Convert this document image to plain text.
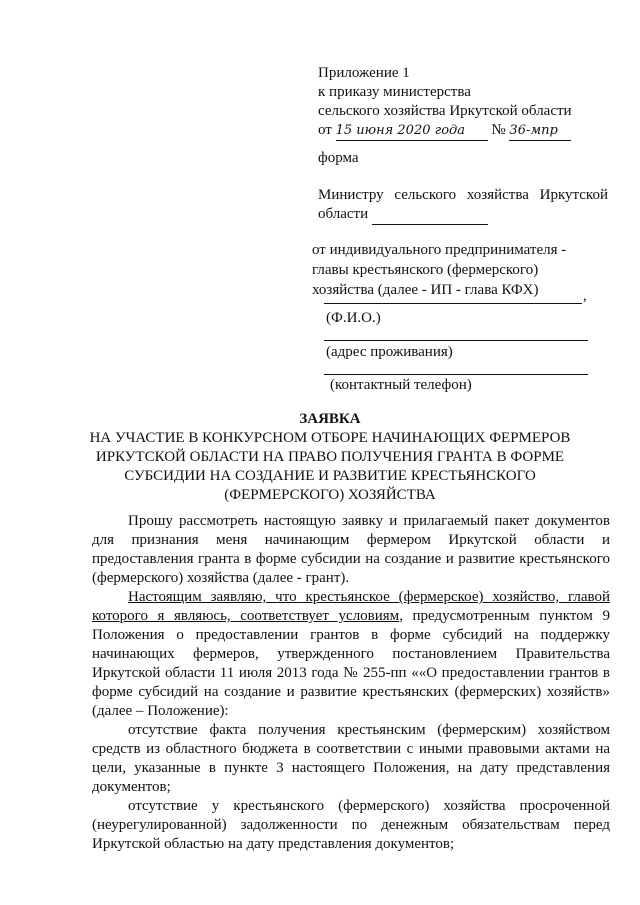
Приложение 1
к приказу министерства
сельского хозяйства Иркутской области
от 15 июня 2020 года № 36-мпр
форма
Министру сельского хозяйства Иркутской
области
от индивидуального предпринимателя -
главы крестьянского (фермерского)
хозяйства (далее - ИП - глава КФХ)	,
(Ф.И.О.)
(адрес проживания)
(контактный телефон)
ЗАЯВКА
НА УЧАСТИЕ В КОНКУРСНОМ ОТБОРЕ НАЧИНАЮЩИХ ФЕРМЕРОВ
ИРКУТСКОЙ ОБЛАСТИ НА ПРАВО ПОЛУЧЕНИЯ ГРАНТА В ФОРМЕ
СУБСИДИИ НА СОЗДАНИЕ И РАЗВИТИЕ КРЕСТЬЯНСКОГО
(ФЕРМЕРСКОГО) ХОЗЯЙСТВА

Прошу рассмотреть настоящую заявку и прилагаемый пакет документов для признания меня начинающим фермером Иркутской области и предоставления гранта в форме субсидии на создание и развитие крестьянского (фермерского) хозяйства (далее - грант).

Настоящим заявляю, что крестьянское (фермерское) хозяйство, главой которого я являюсь, соответствует условиям, предусмотренным пунктом 9 Положения о предоставлении грантов в форме субсидий на поддержку начинающих фермеров, утвержденного постановлением Правительства Иркутской области 11 июля 2013 года № 255-пп ««О предоставлении грантов в форме субсидий на создание и развитие крестьянских (фермерских) хозяйств» (далее – Положение):

отсутствие факта получения крестьянским (фермерским) хозяйством средств из областного бюджета в соответствии с иными правовыми актами на цели, указанные в пункте 3 настоящего Положения, на дату представления документов;

отсутствие у крестьянского (фермерского) хозяйства просроченной (неурегулированной) задолженности по денежным обязательствам перед Иркутской областью на дату представления документов;
